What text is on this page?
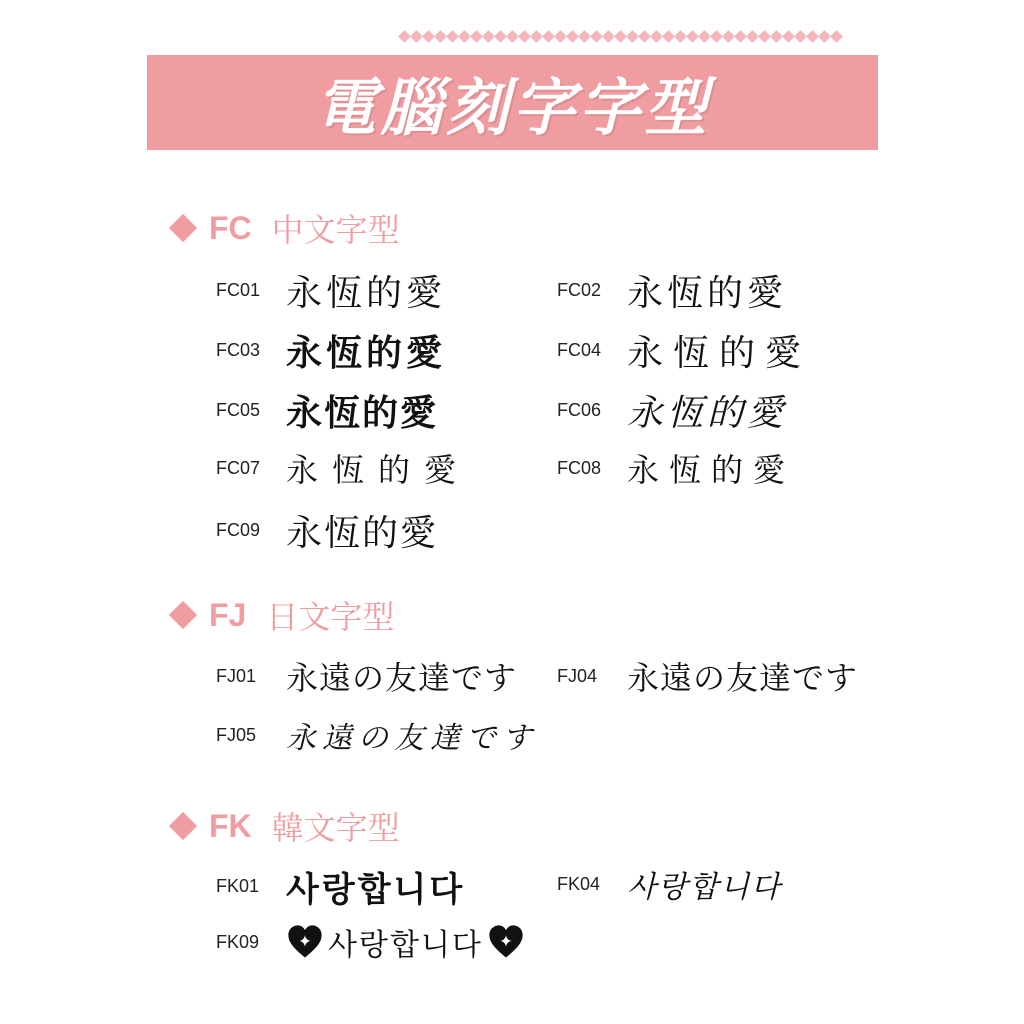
電腦刻字字型
FC 中文字型
FC01 永恆的愛	FC02 永恆的愛
FC03 永恆的愛	FC04 永恆的愛
FC05 永恆的愛	FC06 永恆的愛
FC07 永恆的愛	FC08 永恆的愛
FC09 永恆的愛
FJ 日文字型
FJ01 永遠の友達です FJ04 永遠の友達です
FJ05 永遠の友達です
FK 韓文字型
FK01 사랑합니다	FK04 사랑합니다
FK09	✦ 사랑합니다 ✦
